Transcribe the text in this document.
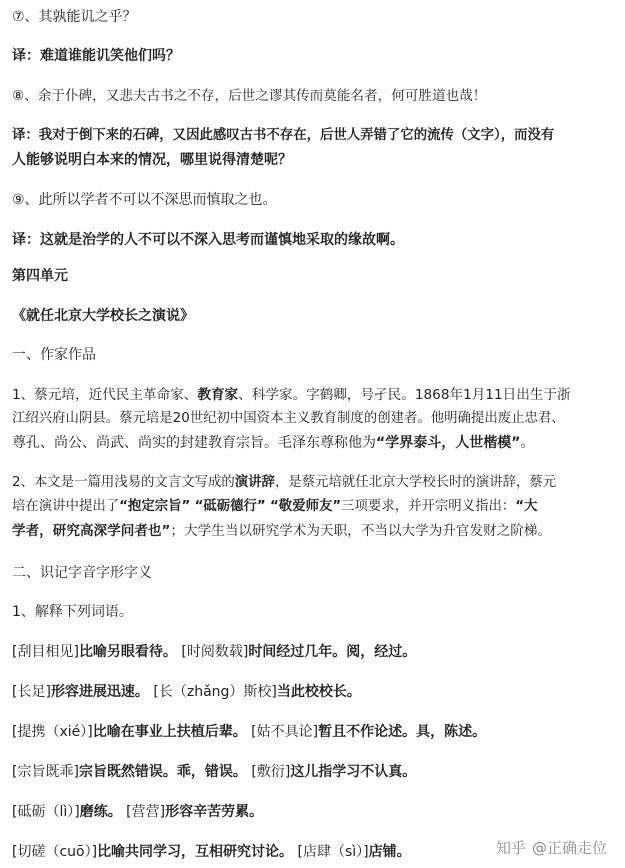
⑦、其孰能讥之乎？
译：难道谁能讥笑他们吗？
⑧、余于仆碑，又悲夫古书之不存，后世之谬其传而莫能名者，何可胜道也哉！
译：我对于倒下来的石碑，又因此感叹古书不存在，后世人弄错了它的流传（文字），而没有
人能够说明白本来的情况，哪里说得清楚呢？
⑨、此所以学者不可以不深思而慎取之也。
译：这就是治学的人不可以不深入思考而谨慎地采取的缘故啊。
第四单元
《就任北京大学校长之演说》
一、作家作品
1、蔡元培，近代民主革命家、教育家、科学家。字鹤卿，号孑民。1868年1月11日出生于浙
江绍兴府山阴县。蔡元培是20世纪初中国资本主义教育制度的创建者。他明确提出废止忠君、
尊孔、尚公、尚武、尚实的封建教育宗旨。毛泽东尊称他为“学界泰斗，人世楷模”。
2、本文是一篇用浅易的文言文写成的演讲辞，是蔡元培就任北京大学校长时的演讲辞，蔡元
培在演讲中提出了“抱定宗旨” “砥砺德行” “敬爱师友”三项要求，并开宗明义指出：“大
学者，研究高深学问者也”；大学生当以研究学术为天职，不当以大学为升官发财之阶梯。
二、识记字音字形字义
1、解释下列词语。
[刮目相见]比喻另眼看待。 [时阅数载]时间经过几年。阅，经过。
[长足]形容进展迅速。 [长（zhǎng）斯校]当此校校长。
[提携（xié）]比喻在事业上扶植后辈。 [姑不具论]暂且不作论述。具，陈述。
[宗旨既乖]宗旨既然错误。乖，错误。 [敷衍]这儿指学习不认真。
[砥砺（lì）]磨练。 [营营]形容辛苦劳累。
[切磋（cuō）]比喻共同学习，互相研究讨论。 [店肆（sì）]店铺。	知乎 @正确走位
